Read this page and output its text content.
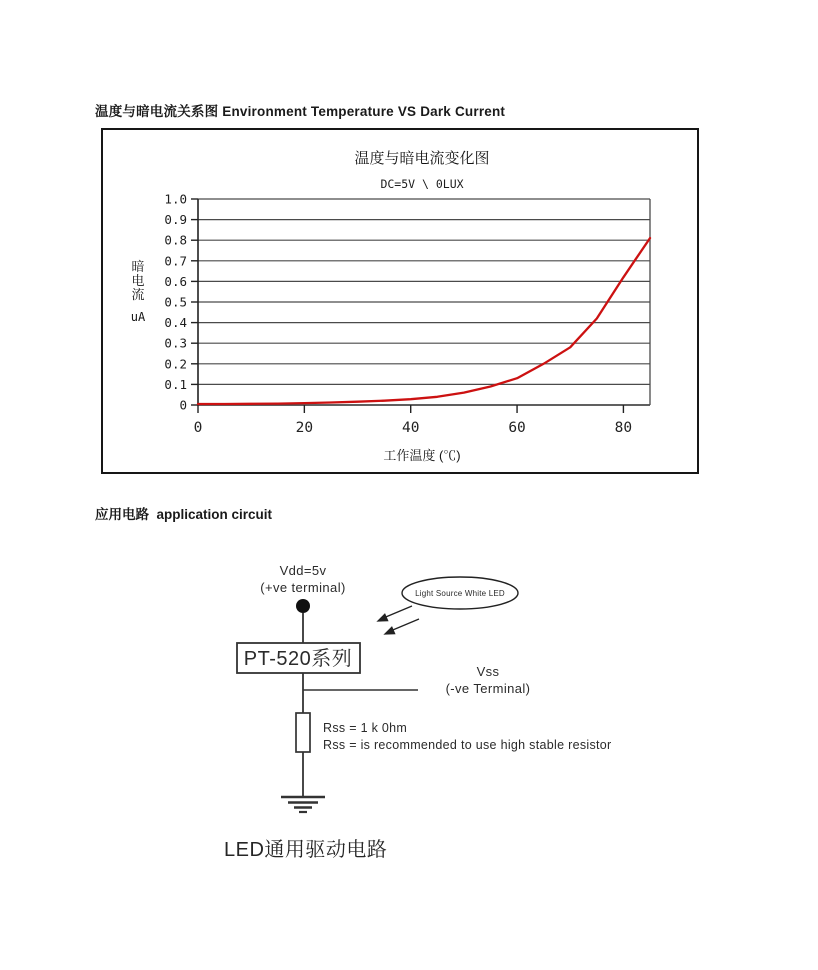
温度与暗电流关系图 Environment Temperature VS Dark Current
温度与暗电流变化图
DC=5V \ 0LUX
暗
电
流
uA
0
0.1
0.2
0.3
0.4
0.5
0.6
0.7
0.8
0.9
1.0
0	20	40	60	80
工作温度 (℃)
应用电路  application circuit
Vdd=5v
(+ve terminal)	Light Source White LED
PT-520系列
Vss
(-ve Terminal)
Rss = 1 k 0hm
Rss = is recommended to use high stable resistor
LED通用驱动电路
